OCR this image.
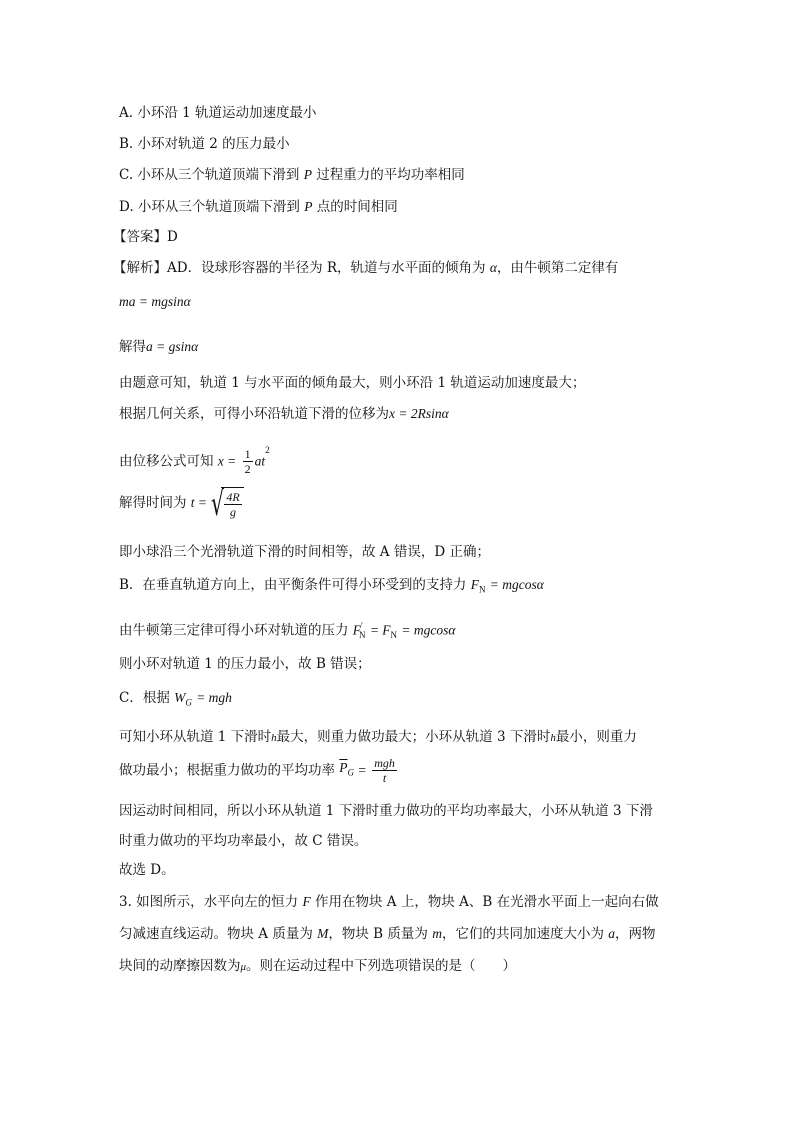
A. 小环沿 1 轨道运动加速度最小
B. 小环对轨道 2 的压力最小
C. 小环从三个轨道顶端下滑到 P 过程重力的平均功率相同
D. 小环从三个轨道顶端下滑到 P 点的时间相同
【答案】D
【解析】AD．设球形容器的半径为 R，轨道与水平面的倾角为 α，由牛顿第二定律有
ma = mgsinα
解得a = gsinα
由题意可知，轨道 1 与水平面的倾角最大，则小环沿 1 轨道运动加速度最大；
根据几何关系，可得小环沿轨道下滑的位移为x = 2Rsinα
由位移公式可知 $x = \frac{1}{2} at^2$
解得时间为 t = √ $\frac{4R}{g}$
即小球沿三个光滑轨道下滑的时间相等，故 A 错误，D 正确；
B．在垂直轨道方向上，由平衡条件可得小环受到的支持力 $F_N = mgcos\alpha$
由牛顿第三定律可得小环对轨道的压力 $F'_N = F_N = mgcos\alpha$
则小环对轨道 1 的压力最小，故 B 错误；
C．根据 $W_G$ = mgh
可知小环从轨道 1 下滑时h最大，则重力做功最大；小环从轨道 3 下滑时h最小，则重力
做功最小；根据重力做功的平均功率 $\overline{P}_G = \frac{\text{mgh}}{t}$
因运动时间相同，所以小环从轨道 1 下滑时重力做功的平均功率最大，小环从轨道 3 下滑
时重力做功的平均功率最小，故 C 错误。
故选 D。
3. 如图所示，水平向左的恒力 F 作用在物块 A 上，物块 A、B 在光滑水平面上一起向右做
匀减速直线运动。物块 A 质量为 M，物块 B 质量为 m，它们的共同加速度大小为 a，两物
块间的动摩擦因数为μ。则在运动过程中下列选项错误的是（　　）
